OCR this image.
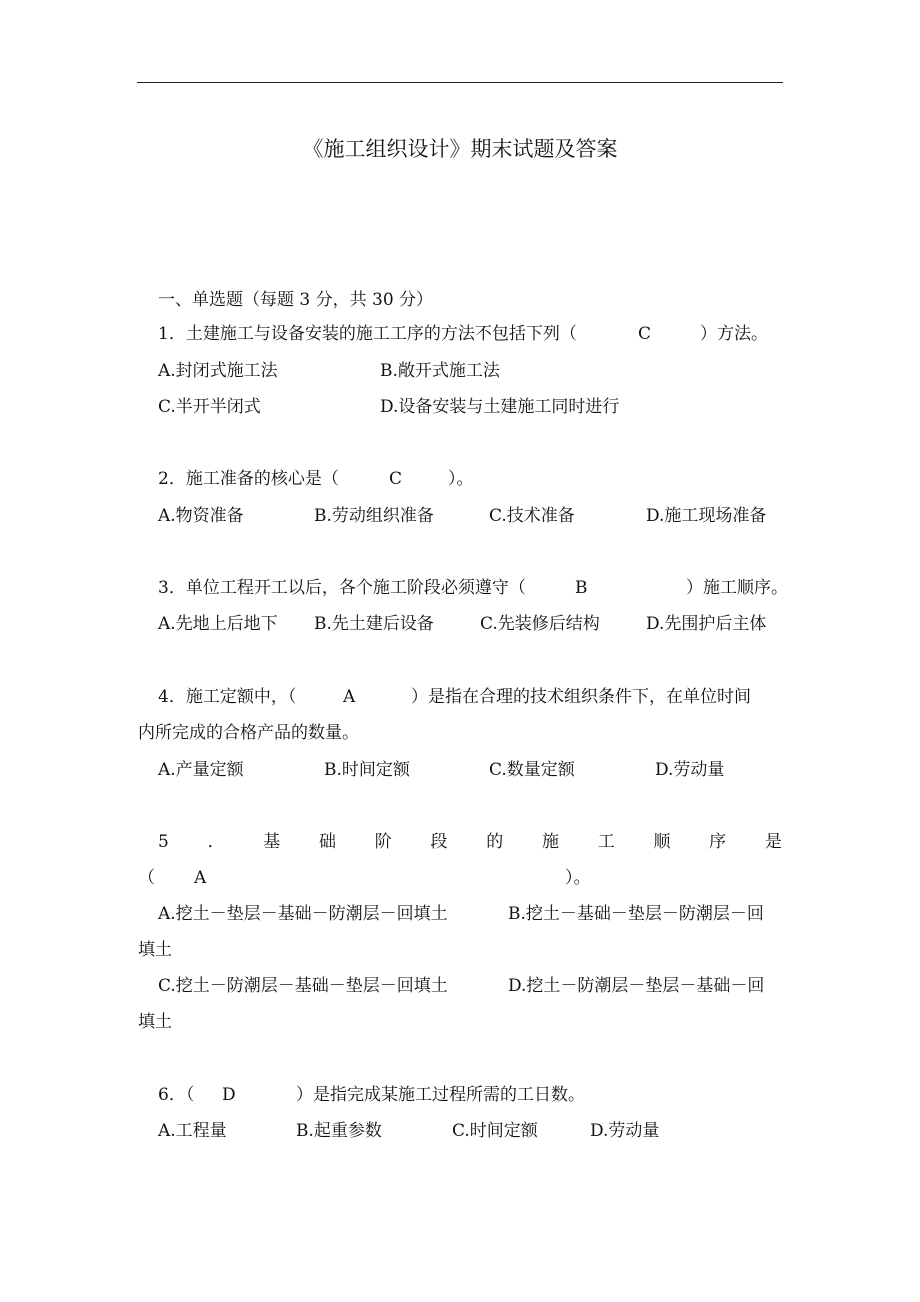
《施工组织设计》期末试题及答案
一、单选题（每题 3 分，共 30 分）
1．土建施工与设备安装的施工工序的方法不包括下列（	C	）方法。
A.封闭式施工法	B.敞开式施工法
C.半开半闭式	D.设备安装与土建施工同时进行
2．施工准备的核心是（	C	）。
A.物资准备	B.劳动组织准备	C.技术准备	D.施工现场准备
3．单位工程开工以后，各个施工阶段必须遵守（	B	）施工顺序。
A.先地上后地下 B.先土建后设备	C.先装修后结构	D.先围护后主体
4．施工定额中，（	A	）是指在合理的技术组织条件下，在单位时间
内所完成的合格产品的数量。
A.产量定额	B.时间定额	C.数量定额	D.劳动量
5 ． 基 础 阶 段 的 施 工 顺 序 是
（ A	）。
A.挖土－垫层－基础－防潮层－回填土	B.挖土－基础－垫层－防潮层－回
填土
C.挖土－防潮层－基础－垫层－回填土	D.挖土－防潮层－垫层－基础－回
填土
6．（ D	）是指完成某施工过程所需的工日数。
A.工程量	B.起重参数	C.时间定额	D.劳动量
